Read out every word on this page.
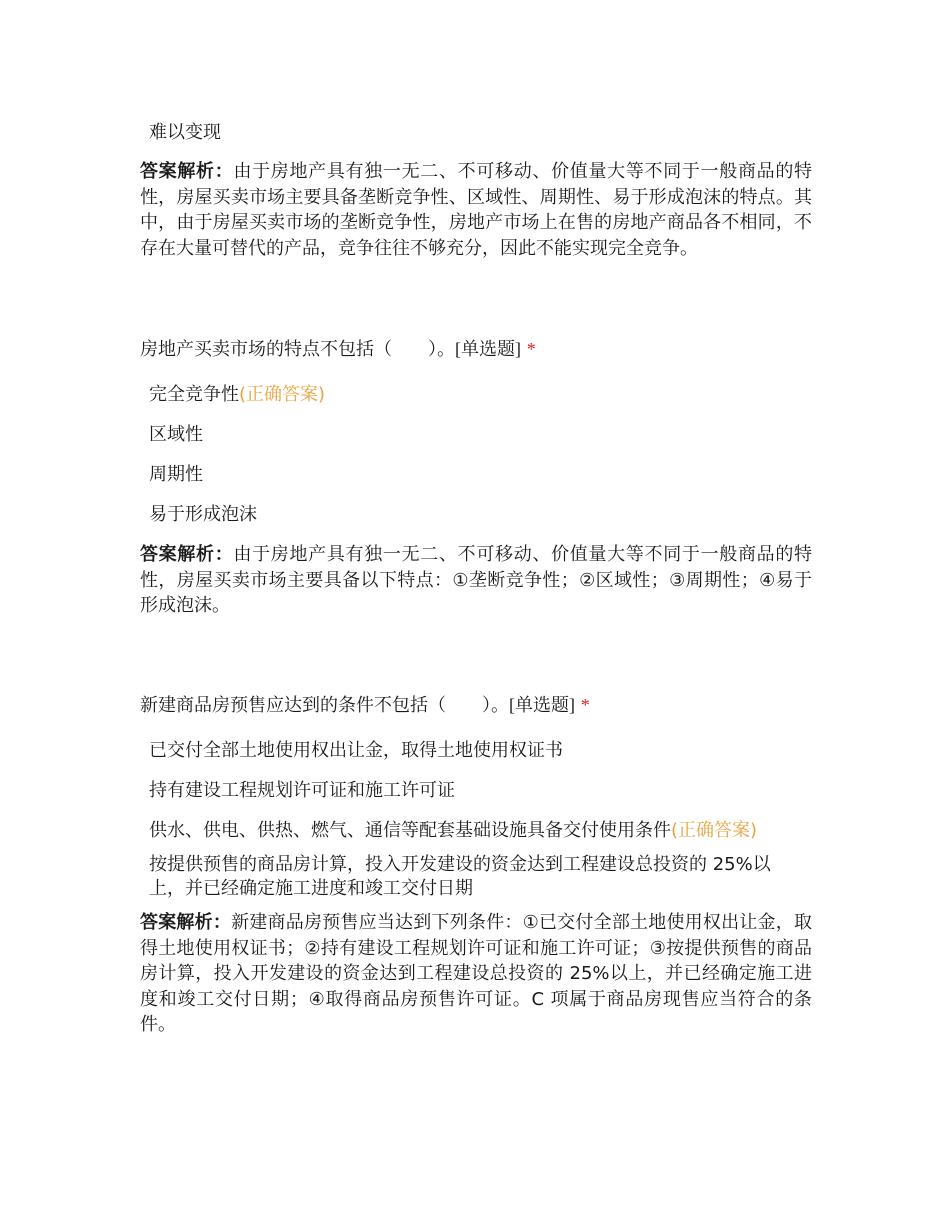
难以变现
答案解析：由于房地产具有独一无二、不可移动、价值量大等不同于一般商品的特性，房屋买卖市场主要具备垄断竞争性、区域性、周期性、易于形成泡沫的特点。其中，由于房屋买卖市场的垄断竞争性，房地产市场上在售的房地产商品各不相同，不存在大量可替代的产品，竞争往往不够充分，因此不能实现完全竞争。
房地产买卖市场的特点不包括（　　）。[单选题] *
完全竞争性(正确答案)
区域性
周期性
易于形成泡沫
答案解析：由于房地产具有独一无二、不可移动、价值量大等不同于一般商品的特性，房屋买卖市场主要具备以下特点：①垄断竞争性；②区域性；③周期性；④易于形成泡沫。
新建商品房预售应达到的条件不包括（　　）。[单选题] *
已交付全部土地使用权出让金，取得土地使用权证书
持有建设工程规划许可证和施工许可证
供水、供电、供热、燃气、通信等配套基础设施具备交付使用条件(正确答案)
按提供预售的商品房计算，投入开发建设的资金达到工程建设总投资的 25%以上，并已经确定施工进度和竣工交付日期
答案解析：新建商品房预售应当达到下列条件：①已交付全部土地使用权出让金，取得土地使用权证书；②持有建设工程规划许可证和施工许可证；③按提供预售的商品房计算，投入开发建设的资金达到工程建设总投资的 25%以上，并已经确定施工进度和竣工交付日期；④取得商品房预售许可证。C 项属于商品房现售应当符合的条件。
